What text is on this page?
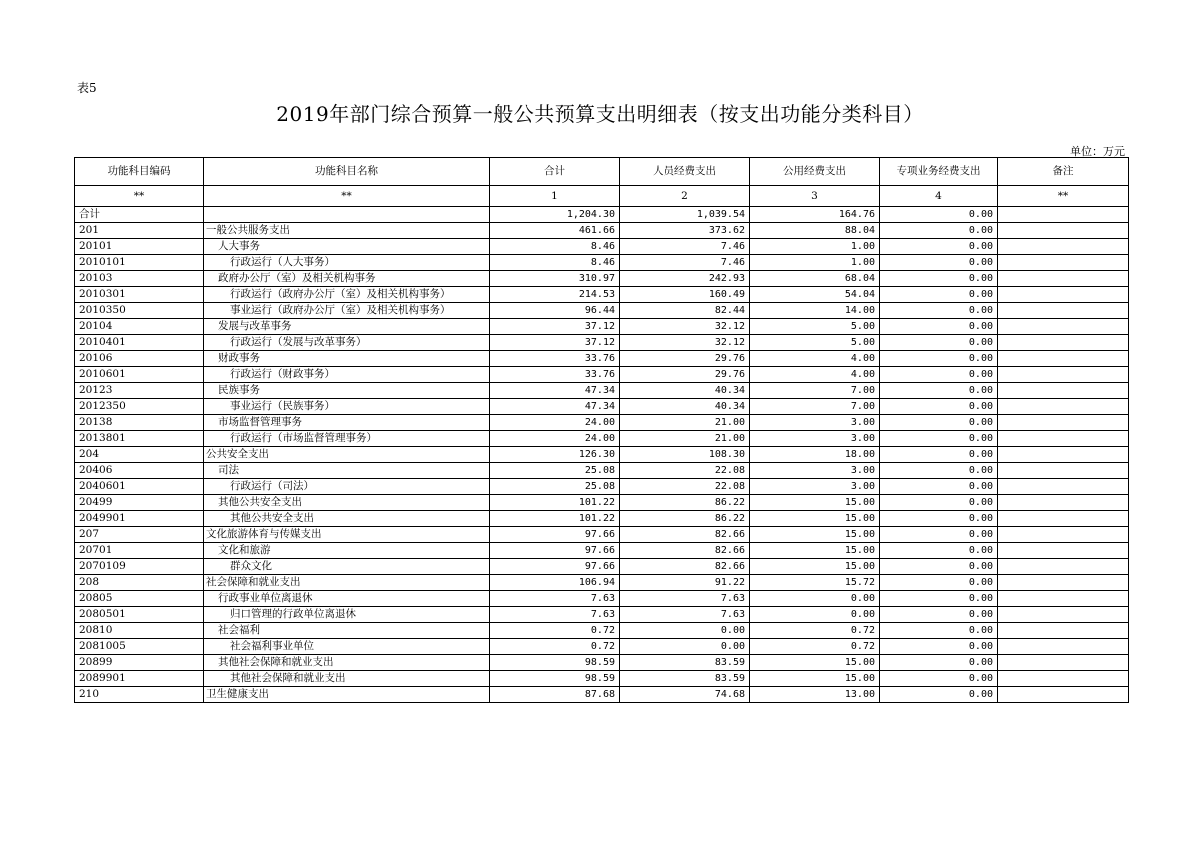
表5
2019年部门综合预算一般公共预算支出明细表（按支出功能分类科目）
单位：万元
功能科目编码	功能科目名称	合计	人员经费支出	公用经费支出	专项业务经费支出	备注
**	**	1	2	3	4	**
合计		1,204.30	1,039.54	164.76	0.00	
201	一般公共服务支出	461.66	373.62	88.04	0.00	
20101	人大事务	8.46	7.46	1.00	0.00	
2010101	行政运行（人大事务）	8.46	7.46	1.00	0.00	
20103	政府办公厅（室）及相关机构事务	310.97	242.93	68.04	0.00	
2010301	行政运行（政府办公厅（室）及相关机构事务）	214.53	160.49	54.04	0.00	
2010350	事业运行（政府办公厅（室）及相关机构事务）	96.44	82.44	14.00	0.00	
20104	发展与改革事务	37.12	32.12	5.00	0.00	
2010401	行政运行（发展与改革事务）	37.12	32.12	5.00	0.00	
20106	财政事务	33.76	29.76	4.00	0.00	
2010601	行政运行（财政事务）	33.76	29.76	4.00	0.00	
20123	民族事务	47.34	40.34	7.00	0.00	
2012350	事业运行（民族事务）	47.34	40.34	7.00	0.00	
20138	市场监督管理事务	24.00	21.00	3.00	0.00	
2013801	行政运行（市场监督管理事务）	24.00	21.00	3.00	0.00	
204	公共安全支出	126.30	108.30	18.00	0.00	
20406	司法	25.08	22.08	3.00	0.00	
2040601	行政运行（司法）	25.08	22.08	3.00	0.00	
20499	其他公共安全支出	101.22	86.22	15.00	0.00	
2049901	其他公共安全支出	101.22	86.22	15.00	0.00	
207	文化旅游体育与传媒支出	97.66	82.66	15.00	0.00	
20701	文化和旅游	97.66	82.66	15.00	0.00	
2070109	群众文化	97.66	82.66	15.00	0.00	
208	社会保障和就业支出	106.94	91.22	15.72	0.00	
20805	行政事业单位离退休	7.63	7.63	0.00	0.00	
2080501	归口管理的行政单位离退休	7.63	7.63	0.00	0.00	
20810	社会福利	0.72	0.00	0.72	0.00	
2081005	社会福利事业单位	0.72	0.00	0.72	0.00	
20899	其他社会保障和就业支出	98.59	83.59	15.00	0.00	
2089901	其他社会保障和就业支出	98.59	83.59	15.00	0.00	
210	卫生健康支出	87.68	74.68	13.00	0.00	
